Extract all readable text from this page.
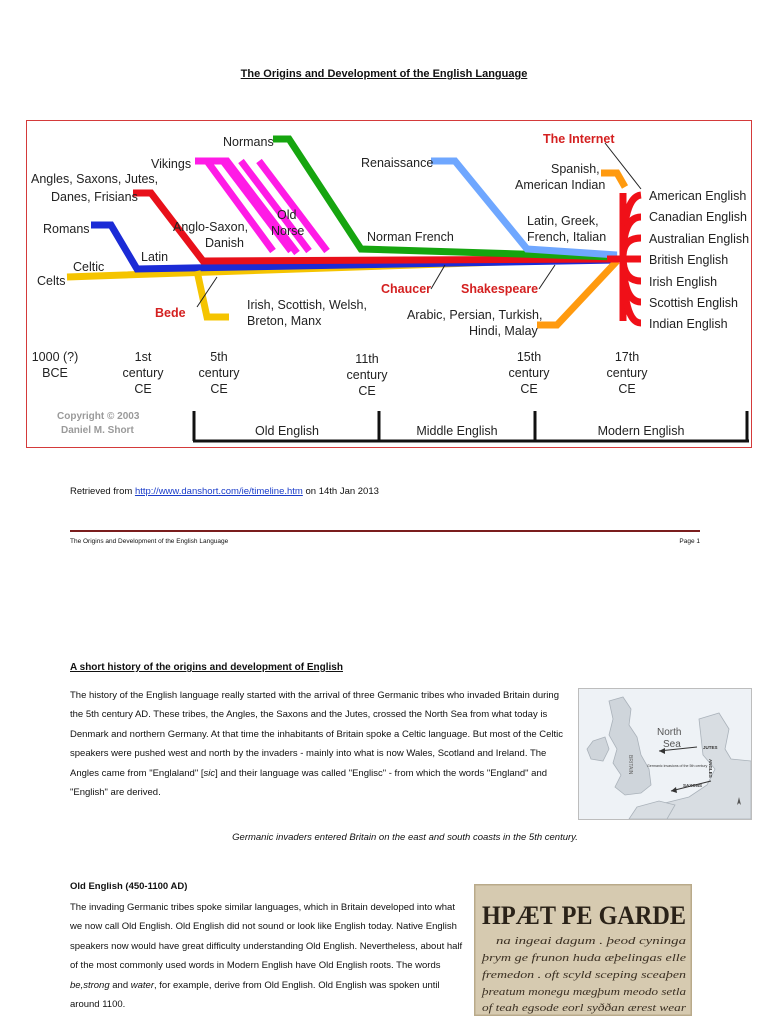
The Origins and Development of the English Language
Normans
Vikings
Angles, Saxons, Jutes,
Danes, Frisians
Romans
Celtic
Celts
Latin
Anglo-Saxon,
Danish
Old
Norse
Renaissance
Norman French
The Internet
Spanish,
American Indian
Latin, Greek,
French, Italian
Bede
Chaucer Shakespeare
Irish, Scottish, Welsh,
Breton, Manx	Arabic, Persian, Turkish,
Hindi, Malay
American English
Canadian English
Australian English
British English
Irish English
Scottish English
Indian English
1000 (?)
BCE
1st
century
CE
5th
century
CE
11th
century
CE
15th
century
CE
17th
century
CE
Old English	Middle English	Modern English
Copyright © 2003
Daniel M. Short
Retrieved from http://www.danshort.com/ie/timeline.htm on 14th Jan 2013
The Origins and Development of the English Language	Page 1
A short history of the origins and development of English
The history of the English language really started with the arrival of three Germanic tribes who invaded Britain during the 5th century AD. These tribes, the Angles, the Saxons and the Jutes, crossed the North Sea from what today is Denmark and northern Germany. At that time the inhabitants of Britain spoke a Celtic language. But most of the Celtic speakers were pushed west and north by the invaders - mainly into what is now Wales, Scotland and Ireland. The Angles came from "Englaland" [sic] and their language was called "Englisc" - from which the words "England" and "English" are derived.
North
Sea
BRITAIN
JUTES
ANGLES
SAXONS
Germanic invasions of the 5th century
Germanic invaders entered Britain on the east and south coasts in the 5th century.
Old English (450-1100 AD)
The invading Germanic tribes spoke similar languages, which in Britain developed into what we now call Old English. Old English did not sound or look like English today. Native English speakers now would have great difficulty understanding Old English. Nevertheless, about half of the most commonly used words in Modern English have Old English roots. The words be,strong and water, for example, derive from Old English. Old English was spoken until around 1100.
HPÆT PE GARDE
na ingeai dagum . þeod cyninga
þrym ge frunon huda æþelingas elle
fremedon . oft scyld sceping sceaþen
þreatum monegu mægþum meodo setla
of teah egsode eorl syððan ærest wear
